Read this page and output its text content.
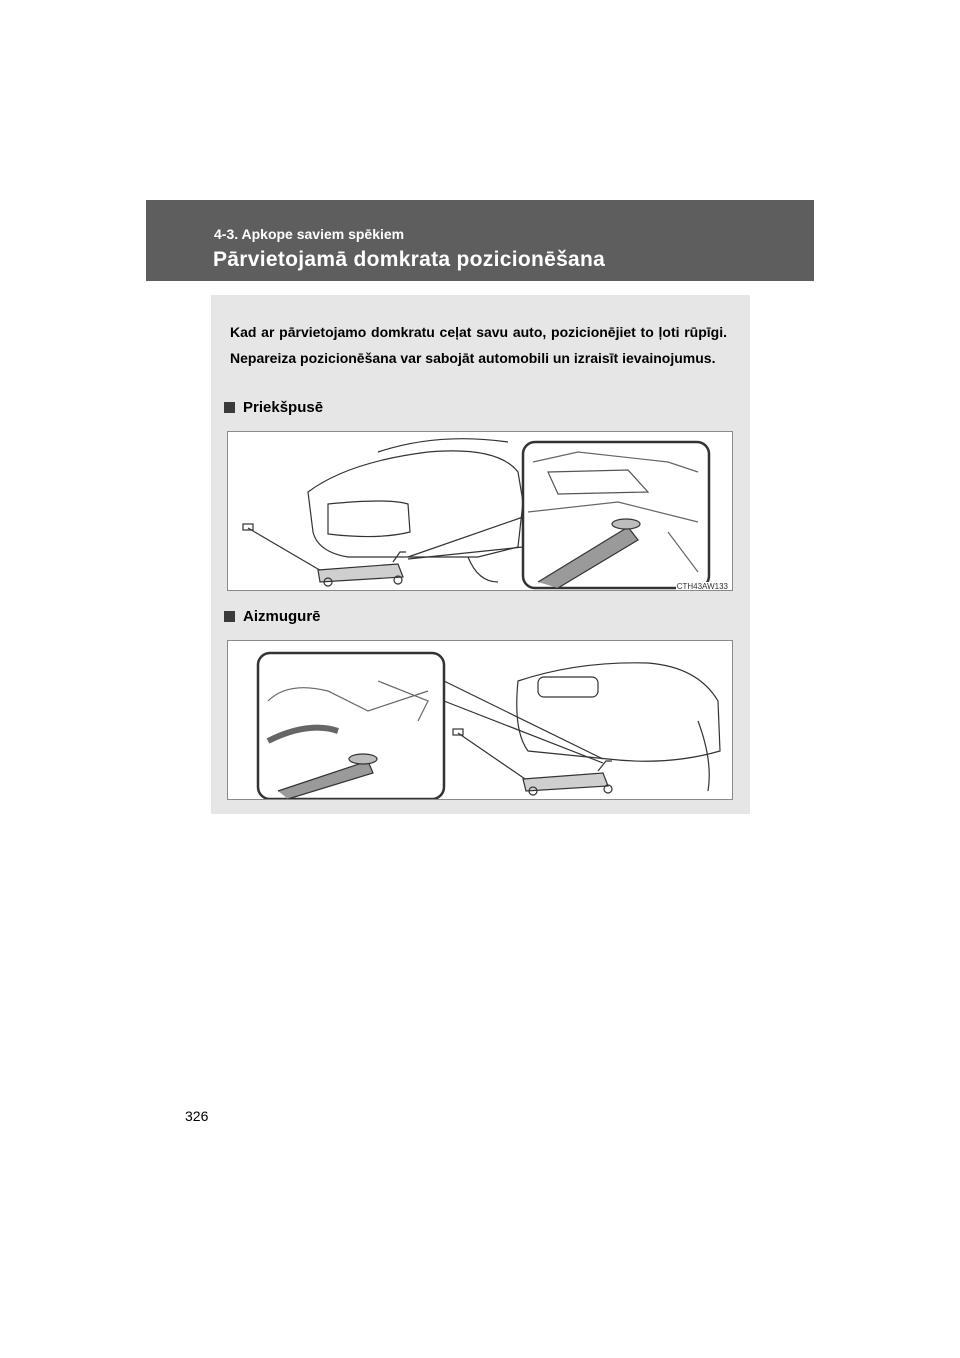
4-3. Apkope saviem spēkiem
Pārvietojamā domkrata pozicionēšana

Kad ar pārvietojamo domkratu ceļat savu auto, pozicionējiet to ļoti rūpīgi. Nepareiza pozicionēšana var sabojāt automobili un izraisīt ievainojumus.

Priekšpusē
CTH43AW133
Aizmugurē
326
